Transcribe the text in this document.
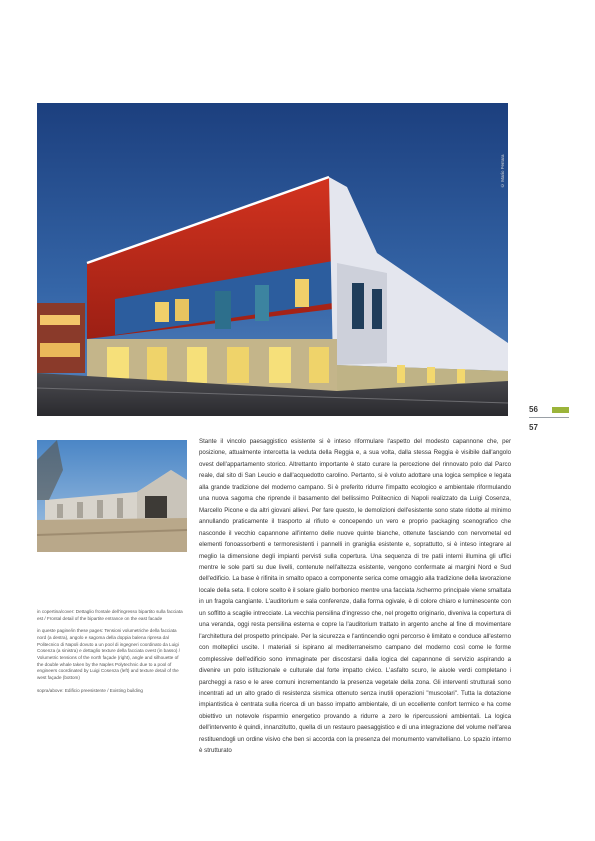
© Mario Ferrara
56
57

in copertina/cover: Dettaglio frontale dell'ingresso bipartito sulla facciata est / Frontal detail of the bipartite entrance on the east facade

in queste pagine/in these pages: Tensioni volumetriche della facciata nord (a destra), angolo e sagoma della doppia balena ripresa dal Politecnico di Napoli dovuto a un pool di ingegneri coordinato da Luigi Cosenza (a sinistra) e dettaglio texture della facciata ovest (in basso) / Volumetric tensions of the north façade (right), angle and silhouette of the double whale taken by the Naples Polytechnic due to a pool of engineers coordinated by Luigi Cosenza (left) and texture detail of the west façade (bottom)

sopra/above: Edificio preesistente / Existing building

Stante il vincolo paesaggistico esistente si è inteso riformulare l'aspetto del modesto capannone che, per posizione, attualmente intercetta la veduta della Reggia e, a sua volta, dalla stessa Reggia è visibile dall'angolo ovest dell'appartamento storico. Altrettanto importante è stato curare la percezione del rinnovato polo dal Parco reale, dal sito di San Leucio e dall'acquedotto carolino. Pertanto, si è voluto adottare una logica semplice e legata alla grande tradizione del moderno campano. Si è preferito ridurre l'impatto ecologico e ambientale riformulando una nuova sagoma che riprende il basamento del bellissimo Politecnico di Napoli realizzato da Luigi Cosenza, Marcello Picone e da altri giovani allievi. Per fare questo, le demolizioni dell'esistente sono state ridotte al minimo annullando praticamente il trasporto al rifiuto e concependo un vero e proprio packaging scenografico che nasconde il vecchio capannone all'interno delle nuove quinte bianche, ottenute fasciando con nervometal ed elementi fonoassorbenti e termoresistenti i pannelli in graniglia esistente e, soprattutto, si è inteso integrare al meglio la dimensione degli impianti pervisti sulla copertura. Una sequenza di tre patii interni illumina gli uffici mentre le sole parti su due livelli, contenute nell'altezza esistente, vengono confermate ai margini Nord e Sud dell'edificio. La base è rifinita in smalto opaco a componente serica come omaggio alla tradizione della lavorazione locale della seta. Il colore scelto è il solare giallo borbonico mentre una facciata /schermo principale viene smaltata in un fragola cangiante. L'auditorium e sala conferenze, dalla forma ogivale, è di colore chiaro e luminescente con un soffitto a scaglie intrecciate. La vecchia pensilina d'ingresso che, nel progetto originario, diveniva la copertura di una veranda, oggi resta pensilina esterna e copre la l'auditorium trattato in argento anche al fine di movimentare l'architettura del prospetto principale. Per la sicurezza e l'antincendio ogni percorso è limitato e conduce all'esterno con molteplici uscite. I materiali si ispirano al mediterraneismo campano del moderno così come le forme complessive dell'edificio sono immaginate per discostarsi dalla logica del capannone di servizio aspirando a divenire un polo istituzionale e culturale dal forte impatto civico. L'asfalto scuro, le aiuole verdi completano i parcheggi a raso e le aree comuni incrementando la presenza vegetale della zona. Gli interventi strutturali sono incentrati ad un alto grado di resistenza sismica ottenuto senza inutili operazioni "muscolari". Tutta la dotazione impiantistica è centrata sulla ricerca di un basso impatto ambientale, di un eccellente confort termico e ha come obiettivo un notevole risparmio energetico provando a ridurre a zero le ripercussioni ambientali. La logica dell'intervento è quindi, innanzitutto, quella di un restauro paesaggistico e di una integrazione del volume nell'area restituendogli un ordine visivo che ben si accorda con la presenza del monumento vanvitelliano. Lo spazio interno è strutturato
